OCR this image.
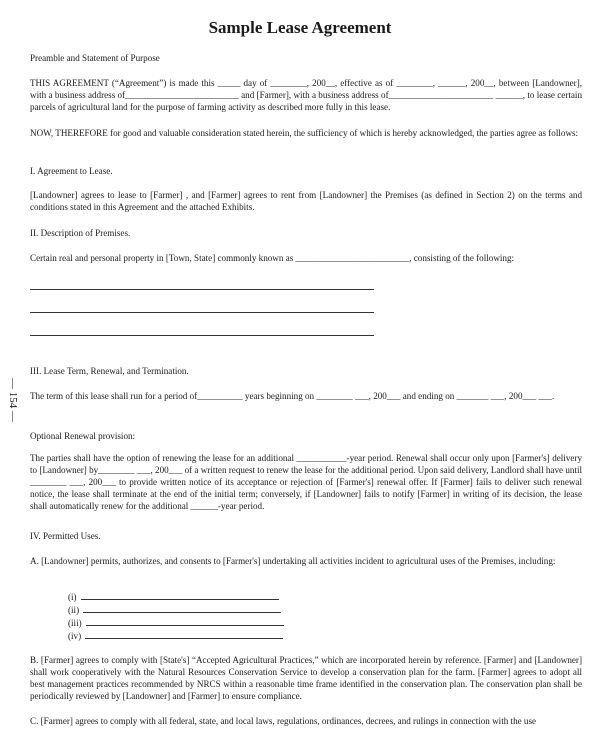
Sample Lease Agreement
— 154 —

Preamble and Statement of Purpose

THIS AGREEMENT (“Agreement”) is made this _____ day of ________, 200__, effective as of ________, ______, 200__, between [Landowner], with a business address of_________________________ and [Farmer], with a business address of_______________________ ______, to lease certain parcels of agricultural land for the purpose of farming activity as described more fully in this lease.

NOW, THEREFORE for good and valuable consideration stated herein, the sufficiency of which is hereby acknowledged, the parties agree as follows:

I. Agreement to Lease.

[Landowner] agrees to lease to [Farmer] , and [Farmer] agrees to rent from [Landowner] the Premises (as defined in Section 2) on the terms and conditions stated in this Agreement and the attached Exhibits.

II. Description of Premises.

Certain real and personal property in [Town, State] commonly known as _________________________, consisting of the following:

III. Lease Term, Renewal, and Termination.

The term of this lease shall run for a period of__________ years beginning on ________ ___, 200___ and ending on _______ ___, 200___ ___.

Optional Renewal provision:

The parties shall have the option of renewing the lease for an additional ___________-year period. Renewal shall occur only upon [Farmer's] delivery to [Landowner] by________ ___, 200___ of a written request to renew the lease for the additional period. Upon said delivery, Landlord shall have until ________ ___, 200___ to provide written notice of its acceptance or rejection of [Farmer's] renewal offer. If [Farmer] fails to deliver such renewal notice, the lease shall terminate at the end of the initial term; conversely, if [Landowner] fails to notify [Farmer] in writing of its decision, the lease shall automatically renew for the additional ______-year period.

IV. Permitted Uses.

A. [Landowner] permits, authorizes, and consents to [Farmer's] undertaking all activities incident to agricultural uses of the Premises, including:

(i)

(ii)

(iii)

(iv)

B. [Farmer] agrees to comply with [State's] “Accepted Agricultural Practices,” which are incorporated herein by reference. [Farmer] and [Landowner] shall work cooperatively with the Natural Resources Conservation Service to develop a conservation plan for the farm. [Farmer] agrees to adopt all best management practices recommended by NRCS within a reasonable time frame identified in the conservation plan. The conservation plan shall be periodically reviewed by [Landowner] and [Farmer] to ensure compliance.

C. [Farmer] agrees to comply with all federal, state, and local laws, regulations, ordinances, decrees, and rulings in connection with the use
